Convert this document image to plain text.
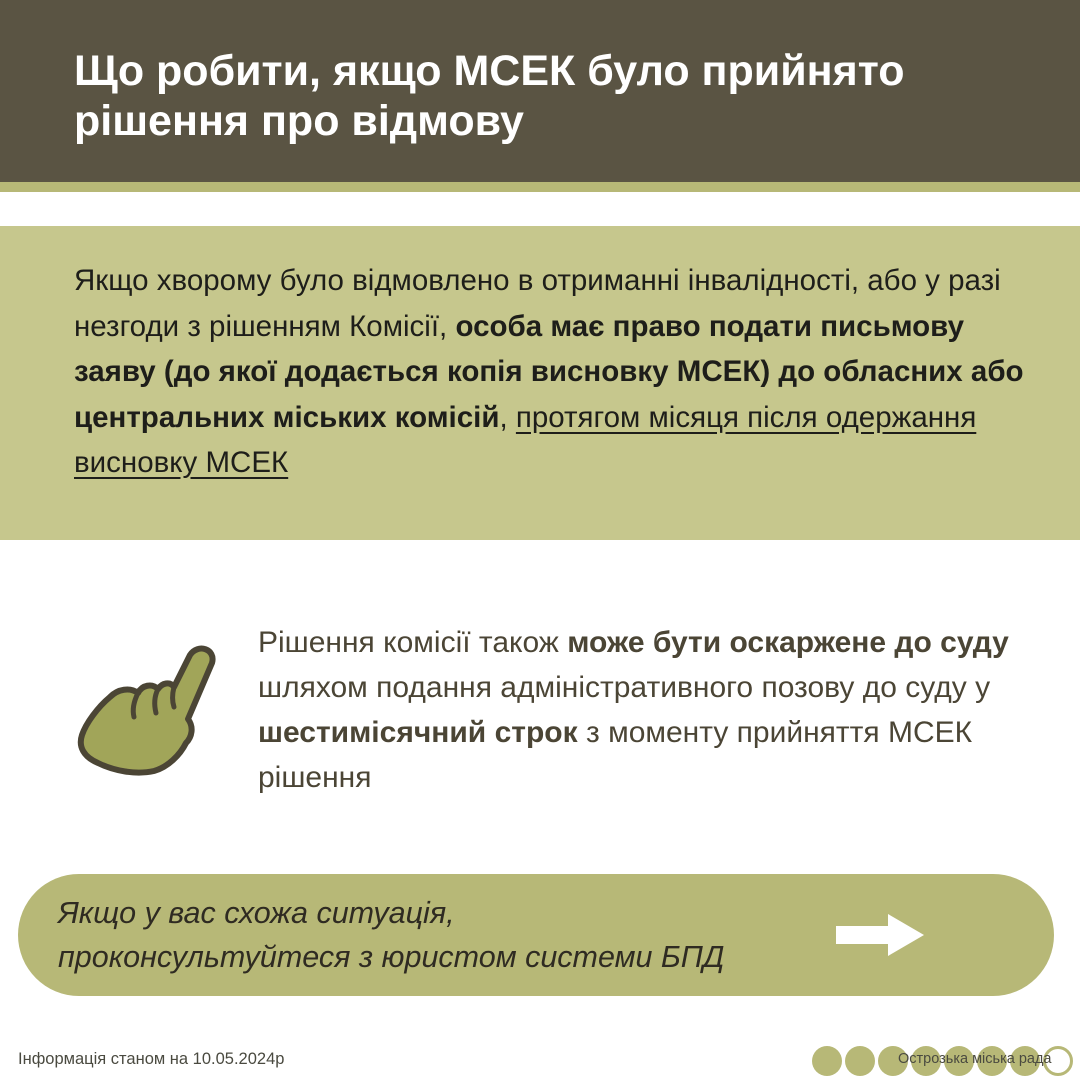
Що робити, якщо МСЕК було прийнято рішення про відмову

Якщо хворому було відмовлено в отриманні інвалідності, або у разі незгоди з рішенням Комісії, особа має право подати письмову заяву (до якої додається копія висновку МСЕК) до обласних або центральних міських комісій, протягом місяця після одержання висновку МСЕК

Рішення комісії також може бути оскаржене до суду шляхом подання адміністративного позову до суду у шестимісячний строк з моменту прийняття МСЕК рішення

Якщо у вас схожа ситуація,
проконсультуйтеся з юристом системи БПД
Інформація станом на 10.05.2024р	Острозька міська рада
